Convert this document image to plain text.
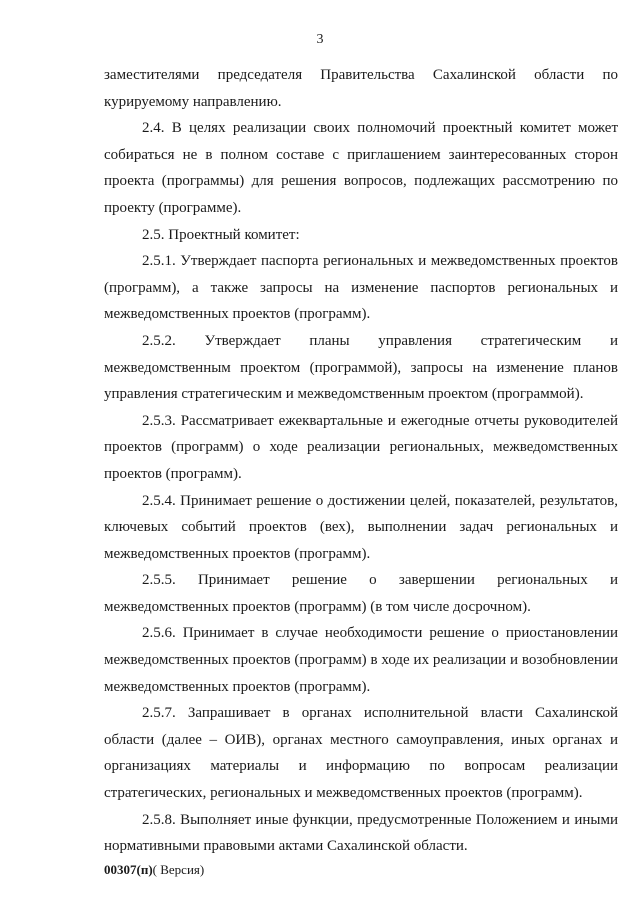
3

заместителями председателя Правительства Сахалинской области по курируемому направлению.

2.4. В целях реализации своих полномочий проектный комитет может собираться не в полном составе с приглашением заинтересованных сторон проекта (программы) для решения вопросов, подлежащих рассмотрению по проекту (программе).

2.5. Проектный комитет:

2.5.1. Утверждает паспорта региональных и межведомственных проектов (программ), а также запросы на изменение паспортов региональных и межведомственных проектов (программ).

2.5.2. Утверждает планы управления стратегическим и межведомственным проектом (программой), запросы на изменение планов управления стратегическим и межведомственным проектом (программой).

2.5.3. Рассматривает ежеквартальные и ежегодные отчеты руководителей проектов (программ) о ходе реализации региональных, межведомственных проектов (программ).

2.5.4. Принимает решение о достижении целей, показателей, результатов, ключевых событий проектов (вех), выполнении задач региональных и межведомственных проектов (программ).

2.5.5. Принимает решение о завершении региональных и межведомственных проектов (программ) (в том числе досрочном).

2.5.6. Принимает в случае необходимости решение о приостановлении межведомственных проектов (программ) в ходе их реализации и возобновлении межведомственных проектов (программ).

2.5.7. Запрашивает в органах исполнительной власти Сахалинской области (далее – ОИВ), органах местного самоуправления, иных органах и организациях материалы и информацию по вопросам реализации стратегических, региональных и межведомственных проектов (программ).

2.5.8. Выполняет иные функции, предусмотренные Положением и иными нормативными правовыми актами Сахалинской области.

00307(п)( Версия)
